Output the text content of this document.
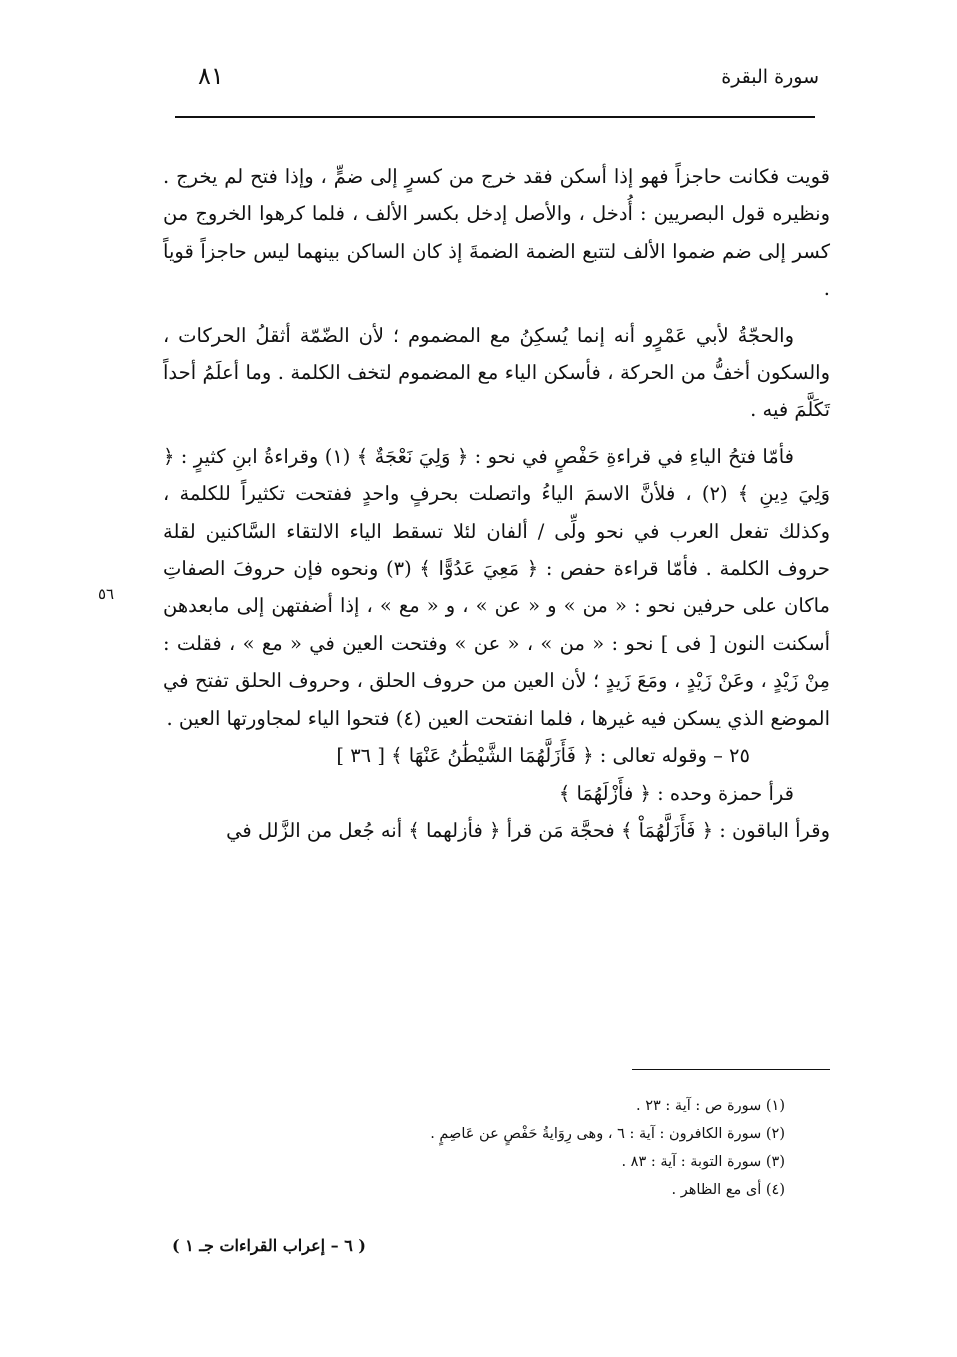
سورة البقرة
٨١

قويت فكانت حاجزاً فهو إذا أسكن فقد خرج من كسرٍ إلى ضمٍّ ، وإذا فتح لم يخرج . ونظيره قول البصريين : أُدخل ، والأصل إدخل بكسر الألف ، فلما كرهوا الخروج من كسر إلى ضم ضموا الألف لتتبع الضمة الضمةَ إذ كان الساكن بينهما ليس حاجزاً قوياً .

والحجّةُ لأبي عَمْرٍو أنه إنما يُسكِنُ مع المضموم ؛ لأن الضّمّة أثقلُ الحركات ، والسكون أخفُّ من الحركة ، فأسكن الياء مع المضموم لتخف الكلمة . وما أعلَمُ أحداً تَكَلَّمَ فيه .

فأمّا فتحُ الياءِ في قراءةِ حَفْصٍ في نحو : ﴿ وَلِيَ نَعْجَةٌ ﴾ (١) وقراءةُ ابنِ كثيرٍ : ﴿ وَلِيَ دِينِ ﴾ (٢) ، فلأنَّ الاسمَ الياءُ واتصلت بحرفٍ واحدٍ ففتحت تكثيراً للكلمة ، وكذلك تفعل العرب في نحو ولِّى / ألفان لئلا تسقط الياء الالتقاء السَّاكنين لقلة حروف الكلمة . فأمّا قراءة حفص : ﴿ مَعِيَ عَدُوًّا ﴾ (٣) ونحوه فإن حروفَ الصفاتِ ماكان على حرفين نحو : « من » و « عن » ، و « مع » ، إذا أضفتهن إلى مابعدهن أسكنت النون [ فى ] نحو : « من » ، « عن » وفتحت العين في « مع » ، فقلت : مِنْ زَيْدٍ ، وعَنْ زَيْدٍ ، ومَعَ زَيدٍ ؛ لأن العين من حروف الحلق ، وحروف الحلق تفتح في الموضع الذي يسكن فيه غيرها ، فلما انفتحت العين (٤) فتحوا الياء لمجاورتها العين .

٢٥ – وقوله تعالى : ﴿ فَأَزَلَّهُمَا الشَّيْطَٰنُ عَنْهَا ﴾ [ ٣٦ ]

قرأ حمزة وحده : ﴿ فأَزْلَهُمَا ﴾

وقرأ الباقون : ﴿ فَأَزَلَّهُمَاْ ﴾ فحجَّة مَن قرأ ﴿ فأزلهما ﴾ أنه جُعل من الزَّلل في

٥٦
(١) سورة ص : آية : ٢٣ .
(٢) سورة الكافرون : آية : ٦ ، وهى رِوَايةُ حَفْصٍ عن عَاصِمٍ .
(٣) سورة التوبة : آية : ٨٣ .
(٤) أى مع الظاهر .
( ٦ – إعراب القراءات جـ ١ )
